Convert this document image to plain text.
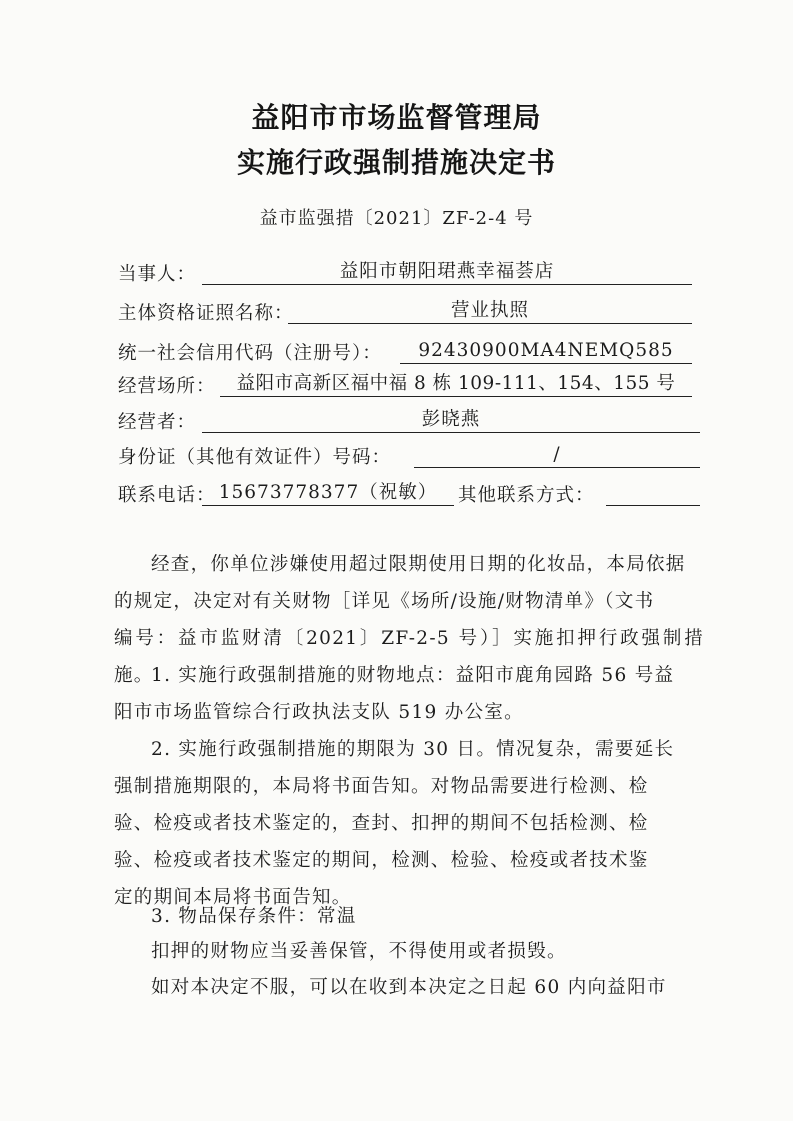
益阳市市场监督管理局
实施行政强制措施决定书
益市监强措〔2021〕ZF-2-4 号
当事人：	益阳市朝阳珺燕幸福荟店
主体资格证照名称：	营业执照
统一社会信用代码（注册号）：	92430900MA4NEMQ585
经营场所：	益阳市高新区福中福 8 栋 109-111、154、155 号
经营者：	彭晓燕
身份证（其他有效证件）号码：	/
联系电话： 15673778377（祝敏）	其他联系方式：
经查，你单位涉嫌使用超过限期使用日期的化妆品，本局依据
的规定，决定对有关财物［详见《场所/设施/财物清单》（文书
编号：益市监财清〔2021〕ZF-2-5 号）］实施扣押行政强制措施。
1. 实施行政强制措施的财物地点：益阳市鹿角园路 56 号益
阳市市场监管综合行政执法支队 519 办公室。
2. 实施行政强制措施的期限为 30 日。情况复杂，需要延长
强制措施期限的，本局将书面告知。对物品需要进行检测、检
验、检疫或者技术鉴定的，查封、扣押的期间不包括检测、检
验、检疫或者技术鉴定的期间，检测、检验、检疫或者技术鉴
定的期间本局将书面告知。
3. 物品保存条件：常温
扣押的财物应当妥善保管，不得使用或者损毁。
如对本决定不服，可以在收到本决定之日起 60 内向益阳市
